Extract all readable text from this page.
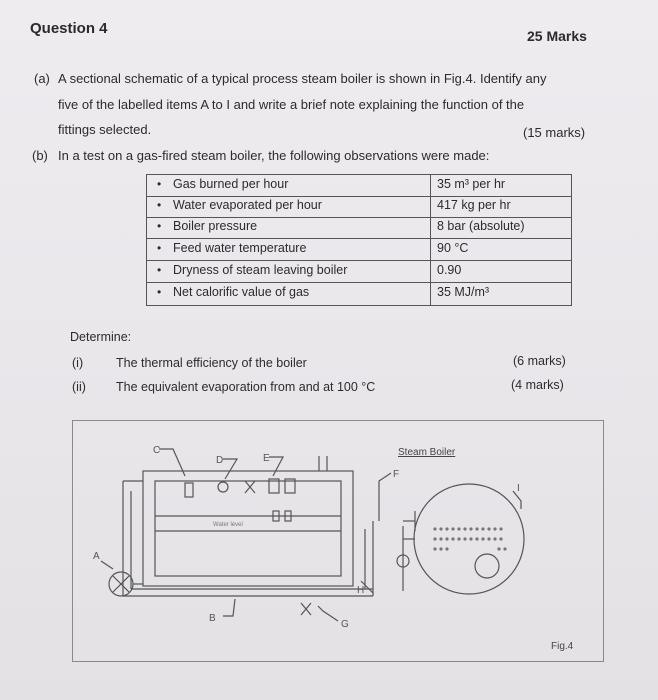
Question 4	25 Marks
(a) A sectional schematic of a typical process steam boiler is shown in Fig.4. Identify any
five of the labelled items A to I and write a brief note explaining the function of the
fittings selected.	(15 marks)
(b) In a test on a gas-fired steam boiler, the following observations were made:
• Gas burned per hour	35 m³ per hr
• Water evaporated per hour	417 kg per hr
• Boiler pressure	8 bar (absolute)
• Feed water temperature	90 °C
• Dryness of steam leaving boiler	0.90
• Net calorific value of gas	35 MJ/m³
Determine:
(i)	The thermal efficiency of the boiler	(6 marks)
(ii) The equivalent evaporation from and at 100 °C	(4 marks)
Water level
C
D	E
F
A
B
G
H
I
Steam Boiler
Fig.4
